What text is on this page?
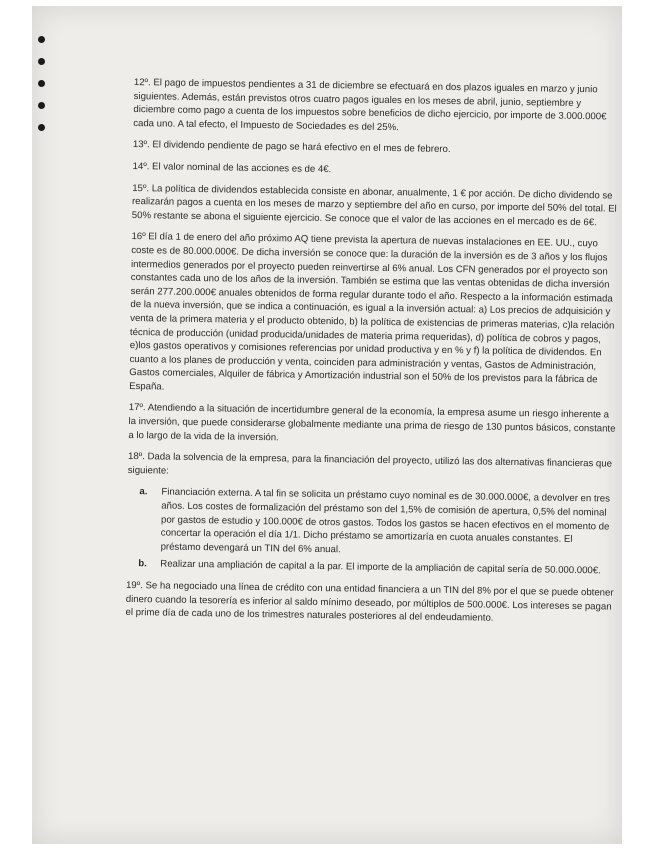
12º. El pago de impuestos pendientes a 31 de diciembre se efectuará en dos plazos iguales en marzo y junio siguientes. Además, están previstos otros cuatro pagos iguales en los meses de abril, junio, septiembre y diciembre como pago a cuenta de los impuestos sobre beneficios de dicho ejercicio, por importe de 3.000.000€ cada uno. A tal efecto, el Impuesto de Sociedades es del 25%.

13º. El dividendo pendiente de pago se hará efectivo en el mes de febrero.

14º. El valor nominal de las acciones es de 4€.

15º. La política de dividendos establecida consiste en abonar, anualmente, 1 € por acción. De dicho dividendo se realizarán pagos a cuenta en los meses de marzo y septiembre del año en curso, por importe del 50% del total. El 50% restante se abona el siguiente ejercicio. Se conoce que el valor de las acciones en el mercado es de 6€.

16º El día 1 de enero del año próximo AQ tiene prevista la apertura de nuevas instalaciones en EE. UU., cuyo coste es de 80.000.000€. De dicha inversión se conoce que: la duración de la inversión es de 3 años y los flujos intermedios generados por el proyecto pueden reinvertirse al 6% anual. Los CFN generados por el proyecto son constantes cada uno de los años de la inversión. También se estima que las ventas obtenidas de dicha inversión serán 277.200.000€ anuales obtenidos de forma regular durante todo el año. Respecto a la información estimada de la nueva inversión, que se indica a continuación, es igual a la inversión actual: a) Los precios de adquisición y venta de la primera materia y el producto obtenido, b) la política de existencias de primeras materias, c)la relación técnica de producción (unidad producida/unidades de materia prima requeridas), d) política de cobros y pagos, e)los gastos operativos y comisiones referencias por unidad productiva y en % y f) la política de dividendos. En cuanto a los planes de producción y venta, coinciden para administración y ventas, Gastos de Administración, Gastos comerciales, Alquiler de fábrica y Amortización industrial son el 50% de los previstos para la fábrica de España.

17º. Atendiendo a la situación de incertidumbre general de la economía, la empresa asume un riesgo inherente a la inversión, que puede considerarse globalmente mediante una prima de riesgo de 130 puntos básicos, constante a lo largo de la vida de la inversión.

18º. Dada la solvencia de la empresa, para la financiación del proyecto, utilizó las dos alternativas financieras que siguiente:

a.	Financiación externa. A tal fin se solicita un préstamo cuyo nominal es de 30.000.000€, a devolver en tres años. Los costes de formalización del préstamo son del 1,5% de comisión de apertura, 0,5% del nominal por gastos de estudio y 100.000€ de otros gastos. Todos los gastos se hacen efectivos en el momento de concertar la operación el día 1/1. Dicho préstamo se amortizaría en cuota anuales constantes. El préstamo devengará un TIN del 6% anual.
b.	Realizar una ampliación de capital a la par. El importe de la ampliación de capital sería de 50.000.000€.

19º. Se ha negociado una línea de crédito con una entidad financiera a un TIN del 8% por el que se puede obtener dinero cuando la tesorería es inferior al saldo mínimo deseado, por múltiplos de 500.000€. Los intereses se pagan el prime día de cada uno de los trimestres naturales posteriores al del endeudamiento.
